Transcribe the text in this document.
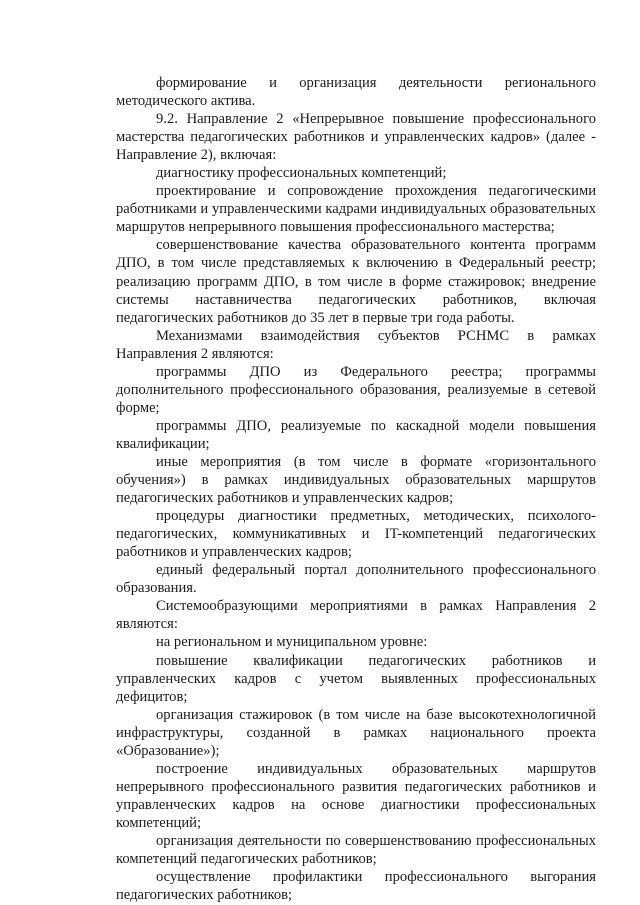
формирование и организация деятельности регионального методического актива.

9.2. Направление 2 «Непрерывное повышение профессионального мастерства педагогических работников и управленческих кадров» (далее - Направление 2), включая:

диагностику профессиональных компетенций;

проектирование и сопровождение прохождения педагогическими работниками и управленческими кадрами индивидуальных образовательных маршрутов непрерывного повышения профессионального мастерства;

совершенствование качества образовательного контента программ ДПО, в том числе представляемых к включению в Федеральный реестр; реализацию программ ДПО, в том числе в форме стажировок; внедрение системы наставничества педагогических работников, включая педагогических работников до 35 лет в первые три года работы.

Механизмами взаимодействия субъектов РСНМС в рамках Направления 2 являются:

программы ДПО из Федерального реестра; программы дополнительного профессионального образования, реализуемые в сетевой форме;

программы ДПО, реализуемые по каскадной модели повышения квалификации;

иные мероприятия (в том числе в формате «горизонтального обучения») в рамках индивидуальных образовательных маршрутов педагогических работников и управленческих кадров;

процедуры диагностики предметных, методических, психолого-педагогических, коммуникативных и IT-компетенций педагогических работников и управленческих кадров;

единый федеральный портал дополнительного профессионального образования.

Системообразующими мероприятиями в рамках Направления 2 являются:

на региональном и муниципальном уровне:

повышение квалификации педагогических работников и управленческих кадров с учетом выявленных профессиональных дефицитов;

организация стажировок (в том числе на базе высокотехнологичной инфраструктуры, созданной в рамках национального проекта «Образование»);

построение индивидуальных образовательных маршрутов непрерывного профессионального развития педагогических работников и управленческих кадров на основе диагностики профессиональных компетенций;

организация деятельности по совершенствованию профессиональных компетенций педагогических работников;

осуществление профилактики профессионального выгорания педагогических работников;
